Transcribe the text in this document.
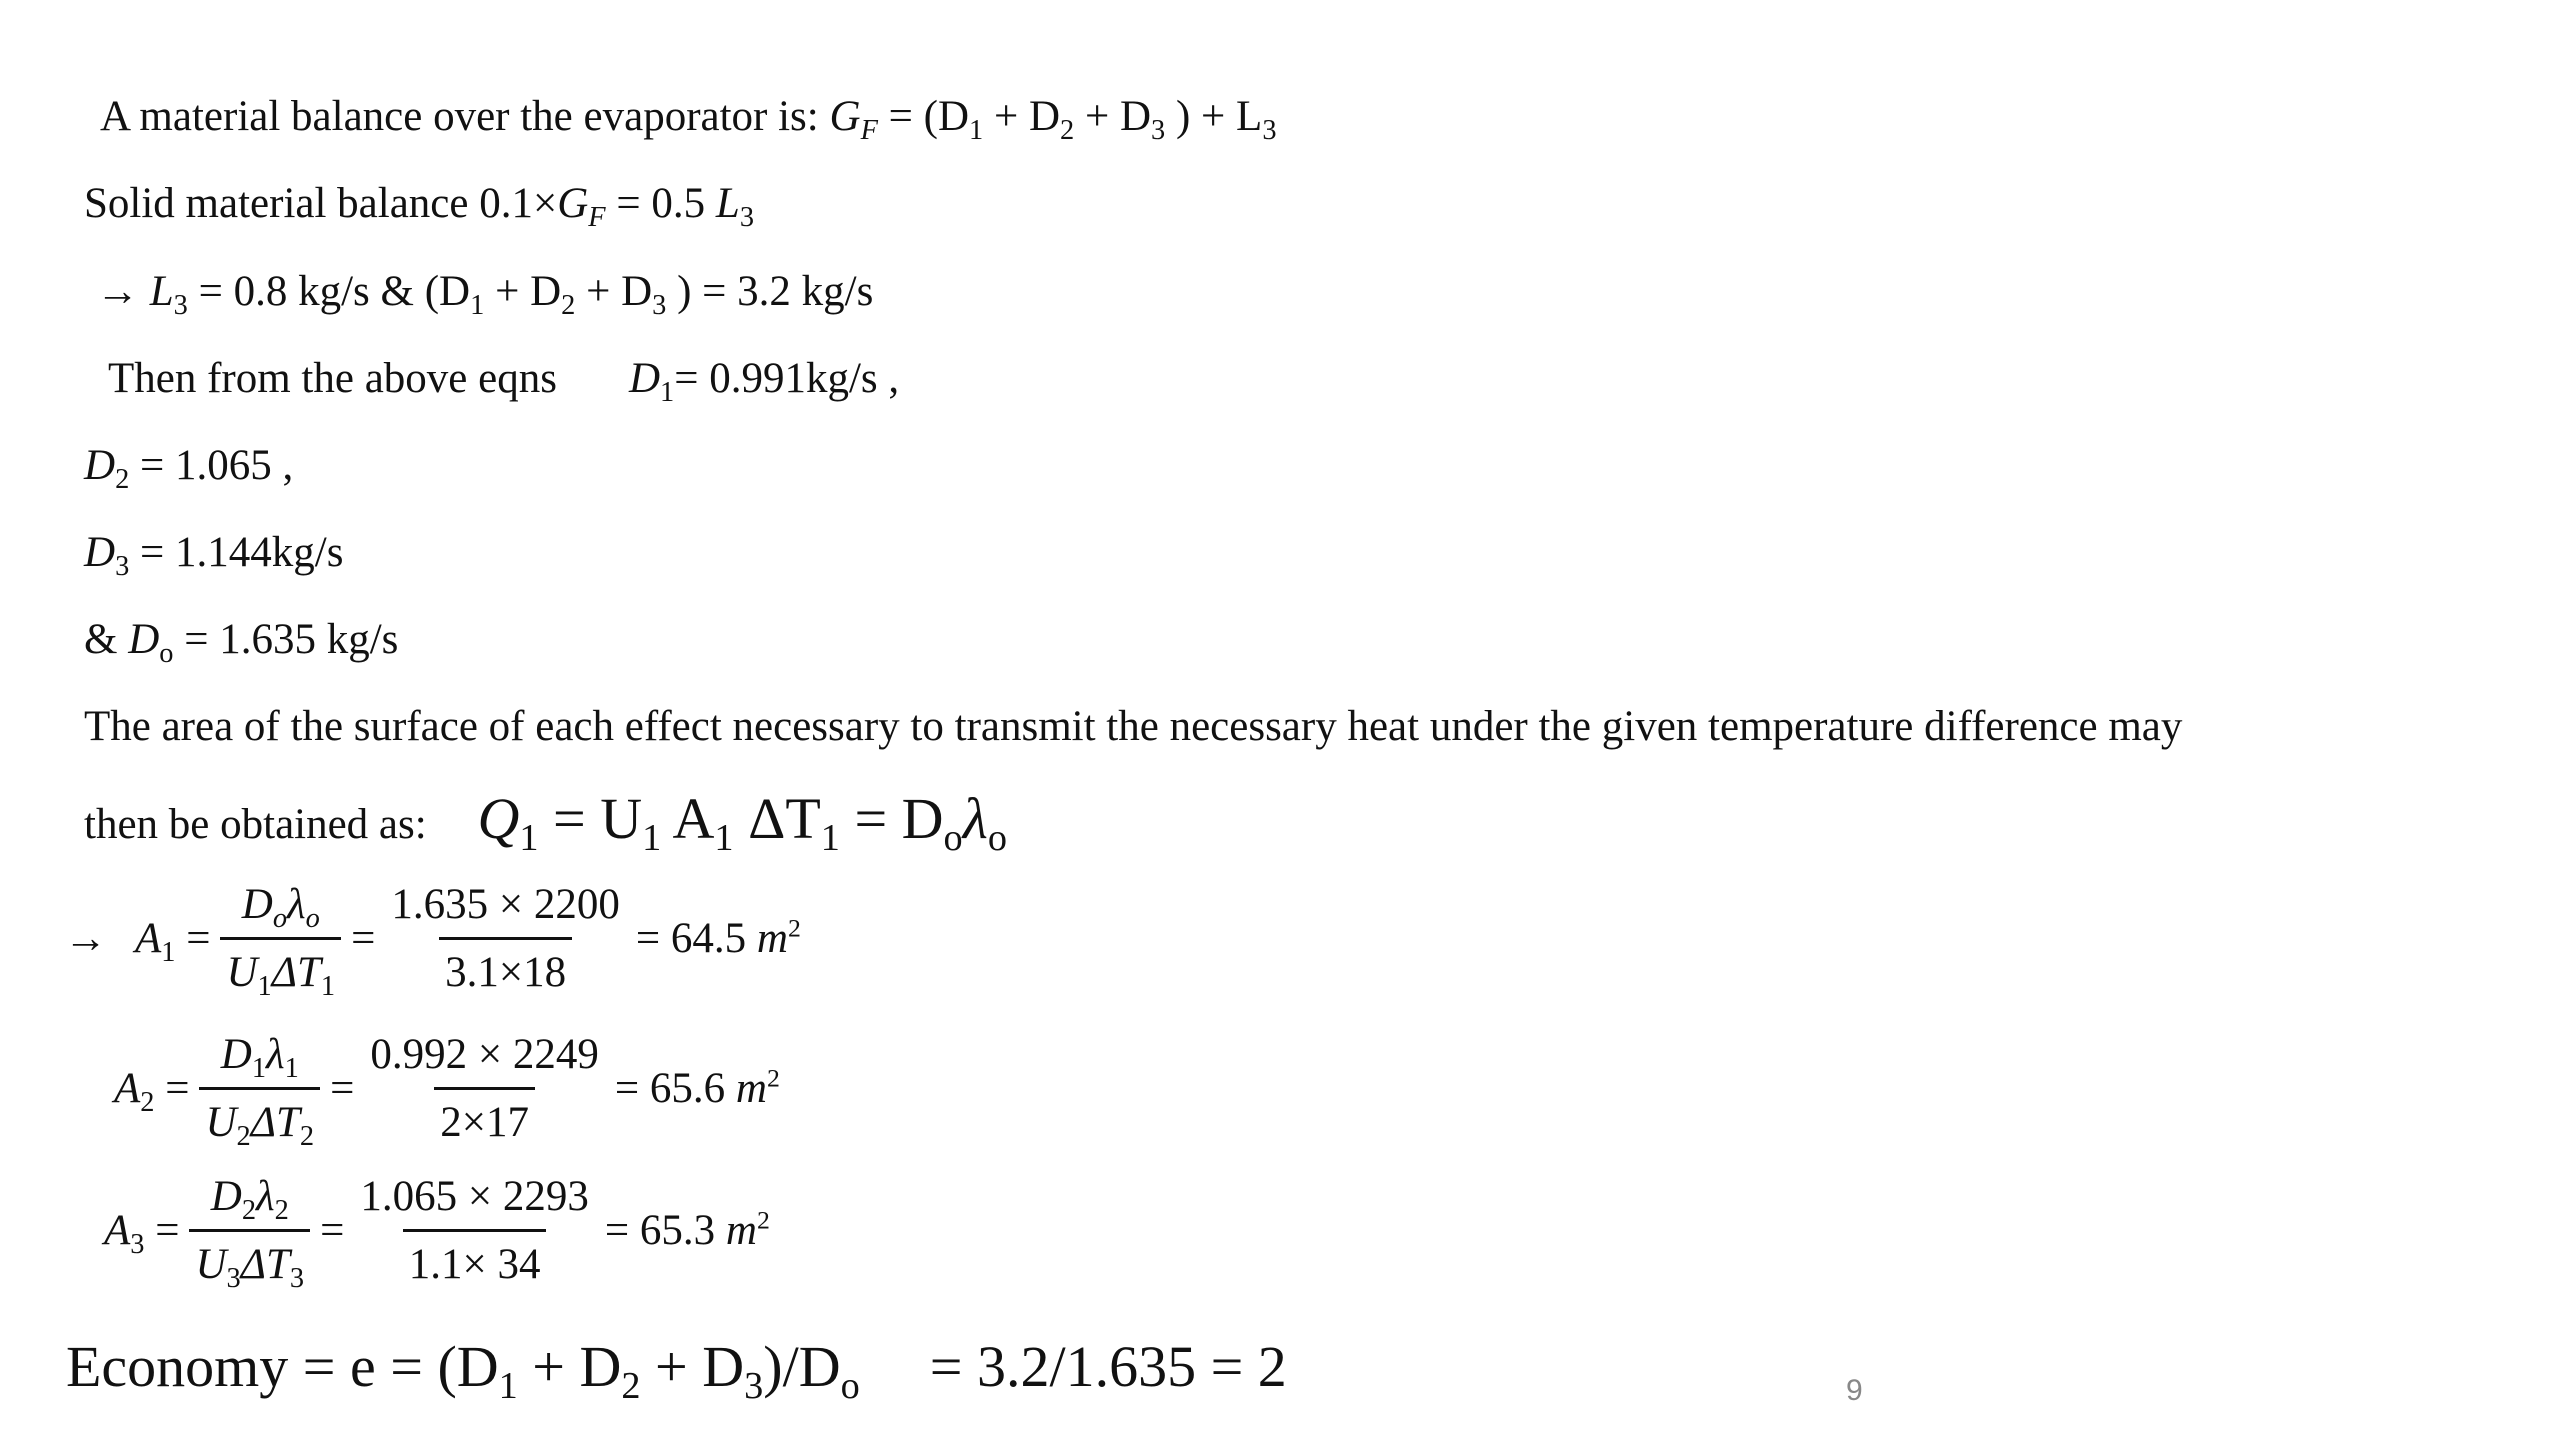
A material balance over the evaporator is: $G_F = (D_1 + D_2 + D_3$ ) + $L_3$
Solid material balance $0.1\times G_F = 0.5$ $L_3$
→ $L_3 = 0.8$ kg/s & ($D_1 + D_2 + D_3$ ) = 3.2 kg/s
Then from the above eqns $D_1= 0.991kg/s$ ,
$D_2 = 1.065$ ,
$D_3 = 1.144kg/s$
& $D_o = 1.635$ kg/s
The area of the surface of each effect necessary to transmit the necessary heat under the given temperature difference may
then be obtained as: $Q_1 = U_1$ $A_1$ $\Delta T_1 = D_o\lambda_o$
→ $A_1 = \frac{D_o\lambda_o}{U_1\Delta T_1} = \frac{1.635 \times 2200}{3.1\times 18} = 64.5$ $m^2$
$A_2 = \frac{D_1\lambda_1}{U_2\Delta T_2} = \frac{0.992 \times 2249}{2\times 17} = 65.6$ $m^2$
$A_3 = \frac{D_2\lambda_2}{U_3\Delta T_3} = \frac{1.065 \times 2293}{1.1\times 34} = 65.3$ $m^2$
Economy = $e = (D_1 + D_2 + D_3)/D_o = 3.2/1.635 = 2$	9
